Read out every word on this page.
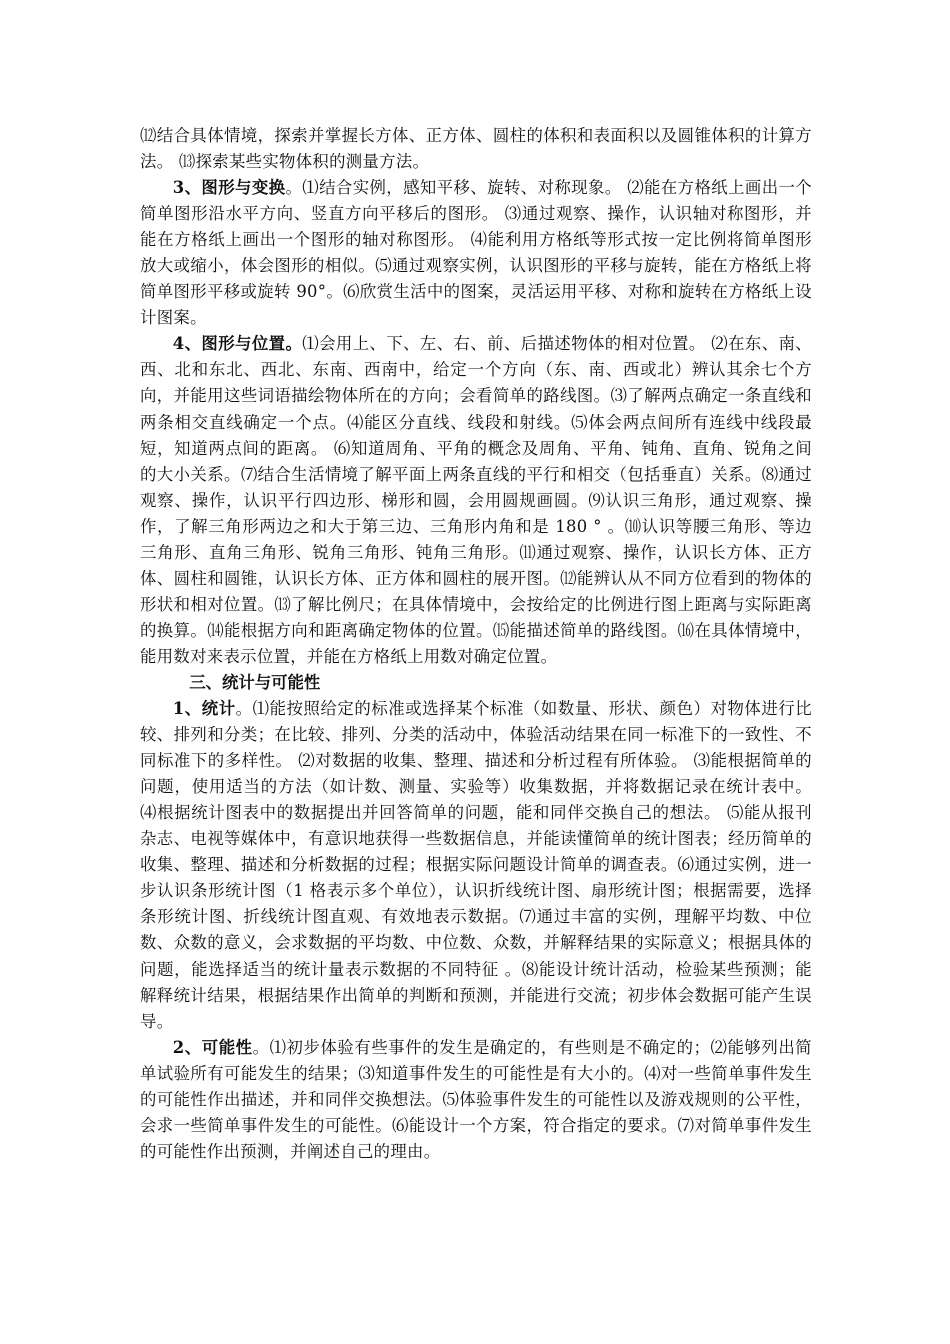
⑿结合具体情境，探索并掌握长方体、正方体、圆柱的体积和表面积以及圆锥体积的计算方法。 ⒀探索某些实物体积的测量方法。

3、图形与变换。⑴结合实例，感知平移、旋转、对称现象。 ⑵能在方格纸上画出一个简单图形沿水平方向、竖直方向平移后的图形。 ⑶通过观察、操作，认识轴对称图形，并能在方格纸上画出一个图形的轴对称图形。 ⑷能利用方格纸等形式按一定比例将简单图形放大或缩小，体会图形的相似。⑸通过观察实例，认识图形的平移与旋转，能在方格纸上将简单图形平移或旋转 90°。⑹欣赏生活中的图案，灵活运用平移、对称和旋转在方格纸上设计图案。

4、图形与位置。⑴会用上、下、左、右、前、后描述物体的相对位置。 ⑵在东、南、西、北和东北、西北、东南、西南中，给定一个方向（东、南、西或北）辨认其余七个方向，并能用这些词语描绘物体所在的方向；会看简单的路线图。⑶了解两点确定一条直线和两条相交直线确定一个点。⑷能区分直线、线段和射线。⑸体会两点间所有连线中线段最短，知道两点间的距离。 ⑹知道周角、平角的概念及周角、平角、钝角、直角、锐角之间的大小关系。⑺结合生活情境了解平面上两条直线的平行和相交（包括垂直）关系。⑻通过观察、操作，认识平行四边形、梯形和圆，会用圆规画圆。⑼认识三角形，通过观察、操作，了解三角形两边之和大于第三边、三角形内角和是 180 ° 。⑽认识等腰三角形、等边三角形、直角三角形、锐角三角形、钝角三角形。⑾通过观察、操作，认识长方体、正方体、圆柱和圆锥，认识长方体、正方体和圆柱的展开图。⑿能辨认从不同方位看到的物体的形状和相对位置。⒀了解比例尺；在具体情境中，会按给定的比例进行图上距离与实际距离的换算。⒁能根据方向和距离确定物体的位置。⒂能描述简单的路线图。⒃在具体情境中，能用数对来表示位置，并能在方格纸上用数对确定位置。

三、统计与可能性

1、统计。⑴能按照给定的标准或选择某个标准（如数量、形状、颜色）对物体进行比较、排列和分类；在比较、排列、分类的活动中，体验活动结果在同一标准下的一致性、不同标准下的多样性。 ⑵对数据的收集、整理、描述和分析过程有所体验。 ⑶能根据简单的问题，使用适当的方法（如计数、测量、实验等）收集数据，并将数据记录在统计表中。 ⑷根据统计图表中的数据提出并回答简单的问题，能和同伴交换自己的想法。 ⑸能从报刊杂志、电视等媒体中，有意识地获得一些数据信息，并能读懂简单的统计图表；经历简单的收集、整理、描述和分析数据的过程；根据实际问题设计简单的调查表。⑹通过实例，进一步认识条形统计图（1 格表示多个单位），认识折线统计图、扇形统计图；根据需要，选择条形统计图、折线统计图直观、有效地表示数据。⑺通过丰富的实例，理解平均数、中位数、众数的意义，会求数据的平均数、中位数、众数，并解释结果的实际意义；根据具体的问题，能选择适当的统计量表示数据的不同特征 。⑻能设计统计活动，检验某些预测；能解释统计结果，根据结果作出简单的判断和预测，并能进行交流；初步体会数据可能产生误导。

2、可能性。⑴初步体验有些事件的发生是确定的，有些则是不确定的；⑵能够列出简单试验所有可能发生的结果；⑶知道事件发生的可能性是有大小的。⑷对一些简单事件发生的可能性作出描述，并和同伴交换想法。⑸体验事件发生的可能性以及游戏规则的公平性，会求一些简单事件发生的可能性。⑹能设计一个方案，符合指定的要求。⑺对简单事件发生的可能性作出预测，并阐述自己的理由。
